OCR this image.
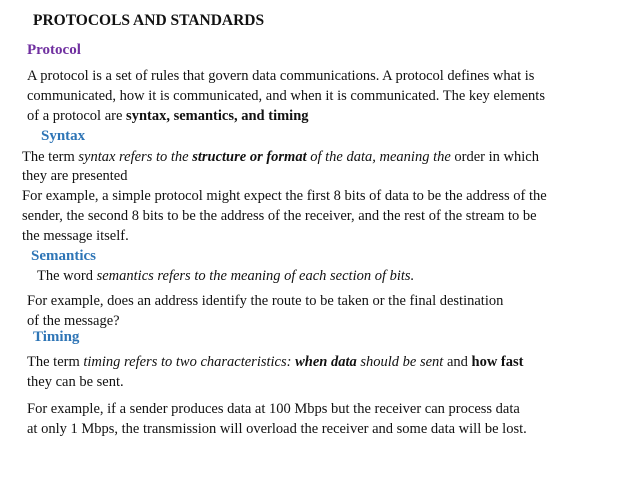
PROTOCOLS AND STANDARDS
Protocol
A protocol is a set of rules that govern data communications. A protocol defines what is
communicated, how it is communicated, and when it is communicated. The key elements
of a protocol are syntax, semantics, and timing
Syntax
The term syntax refers to the structure or format of the data, meaning the order in which
they are presented
For example, a simple protocol might expect the first 8 bits of data to be the address of the
sender, the second 8 bits to be the address of the receiver, and the rest of the stream to be
the message itself.
Semantics
The word semantics refers to the meaning of each section of bits.
For example, does an address identify the route to be taken or the final destination
of the message?
Timing
The term timing refers to two characteristics: when data should be sent and how fast
they can be sent.
For example, if a sender produces data at 100 Mbps but the receiver can process data
at only 1 Mbps, the transmission will overload the receiver and some data will be lost.
